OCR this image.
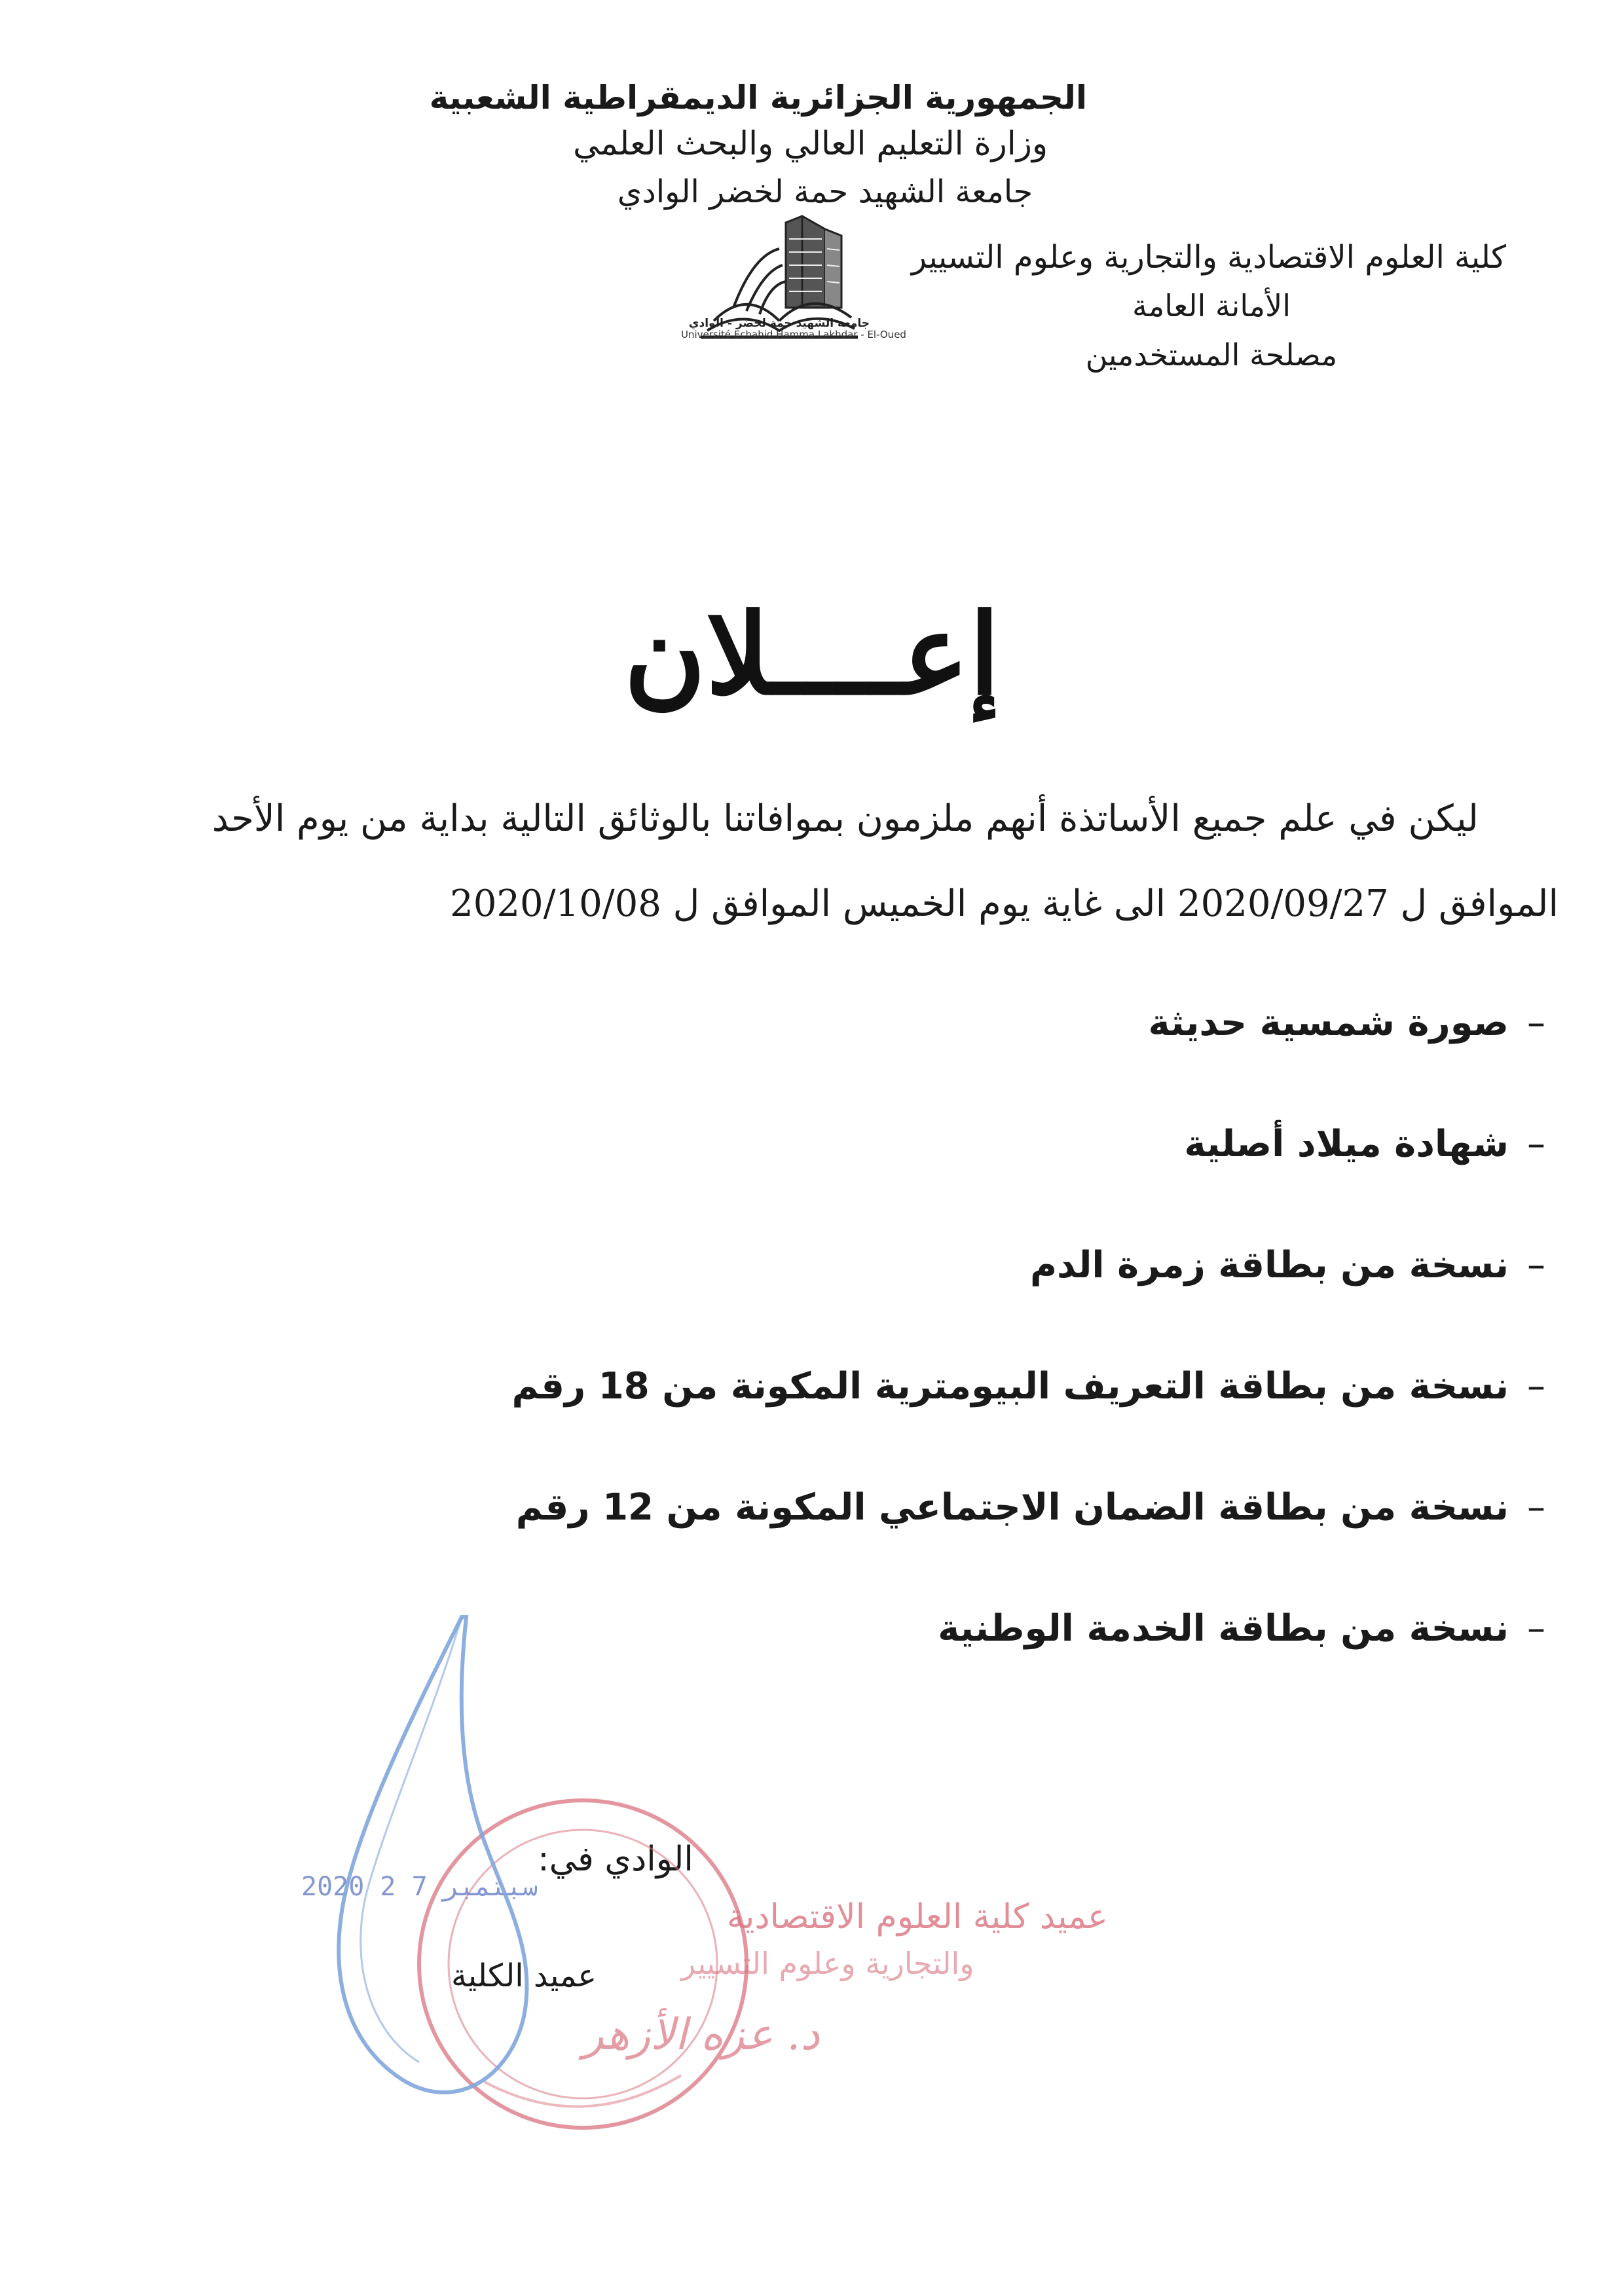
الجمهورية الجزائرية الديمقراطية الشعبية
وزارة التعليم العالي والبحث العلمي
جامعة الشهيد حمة لخضر الوادي
كلية العلوم الاقتصادية والتجارية وعلوم التسيير
الأمانة العامة
مصلحة المستخدمين
جامعة الشهيد حمة لخضر - الوادي
Université Echahid Hamma Lakhdar - El-Oued
إعــــلان
ليكن في علم جميع الأساتذة أنهم ملزمون بموافاتنا بالوثائق التالية بداية من يوم الأحد
الموافق ل 2020/09/27 الى غاية يوم الخميس الموافق ل 2020/10/08
–صورة شمسية حديثة
–شهادة ميلاد أصلية
–نسخة من بطاقة زمرة الدم
–نسخة من بطاقة التعريف البيومترية المكونة من 18 رقم
–نسخة من بطاقة الضمان الاجتماعي المكونة من 12 رقم
–نسخة من بطاقة الخدمة الوطنية
الوادي في:
عميد الكلية
2020 2 7 سبتمبر
عميد كلية العلوم الاقتصادية
والتجارية وعلوم التسيير
د. عزه الأزهر
